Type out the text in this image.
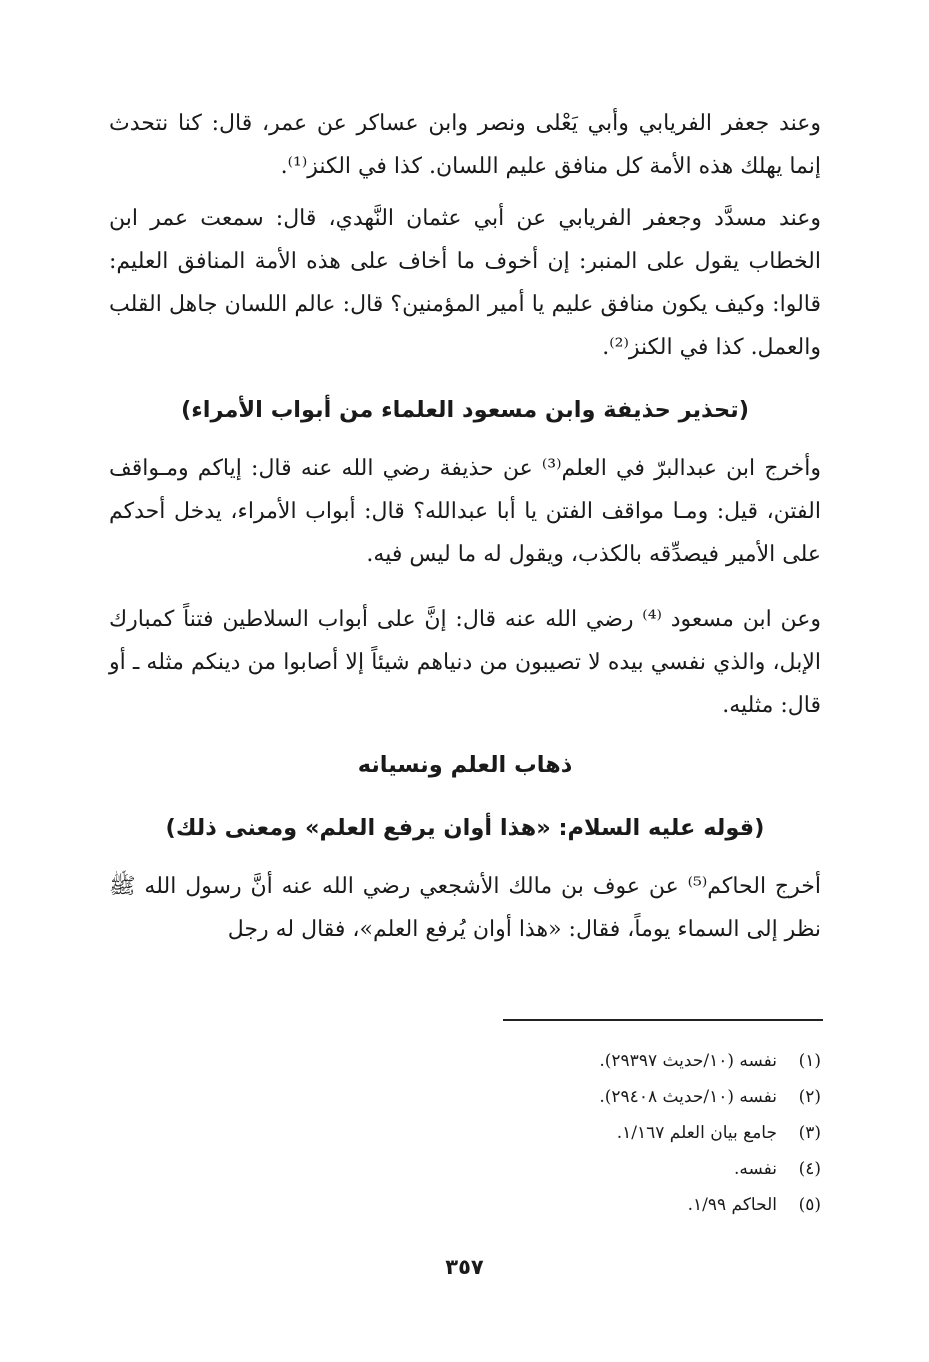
وعند جعفر الفريابي وأبي يَعْلى ونصر وابن عساكر عن عمر، قال: كنا نتحدث إنما يهلك هذه الأمة كل منافق عليم اللسان. كذا في الكنز⁽¹⁾.

وعند مسدَّد وجعفر الفريابي عن أبي عثمان النَّهدي، قال: سمعت عمر ابن الخطاب يقول على المنبر: إن أخوف ما أخاف على هذه الأمة المنافق العليم: قالوا: وكيف يكون منافق عليم يا أمير المؤمنين؟ قال: عالم اللسان جاهل القلب والعمل. كذا في الكنز⁽²⁾.

(تحذير حذيفة وابن مسعود العلماء من أبواب الأمراء)

وأخرج ابن عبدالبرّ في العلم⁽³⁾ عن حذيفة رضي الله عنه قال: إياكم ومـواقف الفتن، قيل: ومـا مواقف الفتن يا أبا عبدالله؟ قال: أبواب الأمراء، يدخل أحدكم على الأمير فيصدِّقه بالكذب، ويقول له ما ليس فيه.

وعن ابن مسعود ⁽⁴⁾ رضي الله عنه قال: إنَّ على أبواب السلاطين فتناً كمبارك الإبل، والذي نفسي بيده لا تصيبون من دنياهم شيئاً إلا أصابوا من دينكم مثله ـ أو قال: مثليه.

ذهاب العلم ونسيانه
(قوله عليه السلام: «هذا أوان يرفع العلم» ومعنى ذلك)

أخرج الحاكم⁽⁵⁾ عن عوف بن مالك الأشجعي رضي الله عنه أنَّ رسول الله ﷺ نظر إلى السماء يوماً، فقال: «هذا أوان يُرفع العلم»، فقال له رجل

(١)نفسه (١٠/حديث ٢٩٣٩٧).
(٢)نفسه (١٠/حديث ٢٩٤٠٨).
(٣)جامع بيان العلم ١/١٦٧.
(٤)نفسه.
(٥)الحاكم ١/٩٩.
٣٥٧
